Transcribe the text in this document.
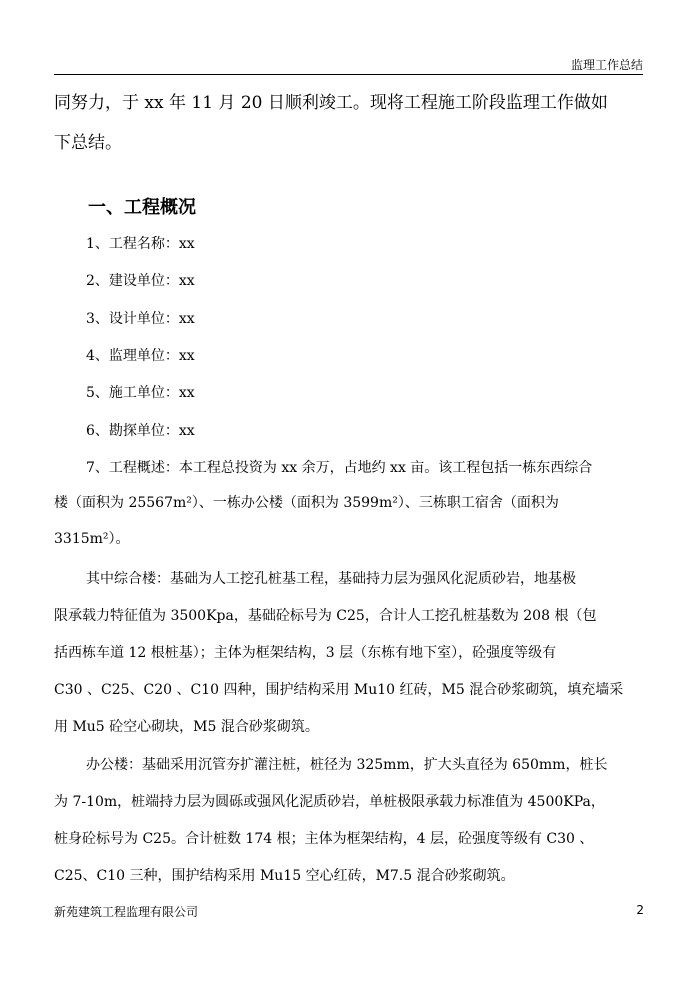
监理工作总结
同努力，于 xx 年 11 月 20 日顺利竣工。现将工程施工阶段监理工作做如
下总结。
一、工程概况
1、工程名称：xx
2、建设单位：xx
3、设计单位：xx
4、监理单位：xx
5、施工单位：xx
6、勘探单位：xx
7、工程概述：本工程总投资为 xx 余万，占地约 xx 亩。该工程包括一栋东西综合
楼（面积为 25567m²）、一栋办公楼（面积为 3599m²）、三栋职工宿舍（面积为
3315m²）。
其中综合楼：基础为人工挖孔桩基工程，基础持力层为强风化泥质砂岩，地基极
限承载力特征值为 3500Kpa，基础砼标号为 C25，合计人工挖孔桩基数为 208 根（包
括西栋车道 12 根桩基）；主体为框架结构，3 层（东栋有地下室），砼强度等级有
C30 、C25、C20 、C10 四种，围护结构采用 Mu10 红砖，M5 混合砂浆砌筑，填充墙采
用 Mu5 砼空心砌块，M5 混合砂浆砌筑。
办公楼：基础采用沉管夯扩灌注桩，桩径为 325mm，扩大头直径为 650mm，桩长
为 7-10m，桩端持力层为圆砾或强风化泥质砂岩，单桩极限承载力标准值为 4500KPa，
桩身砼标号为 C25。合计桩数 174 根；主体为框架结构，4 层，砼强度等级有 C30 、
C25、C10 三种，围护结构采用 Mu15 空心红砖，M7.5 混合砂浆砌筑。
新苑建筑工程监理有限公司	2
